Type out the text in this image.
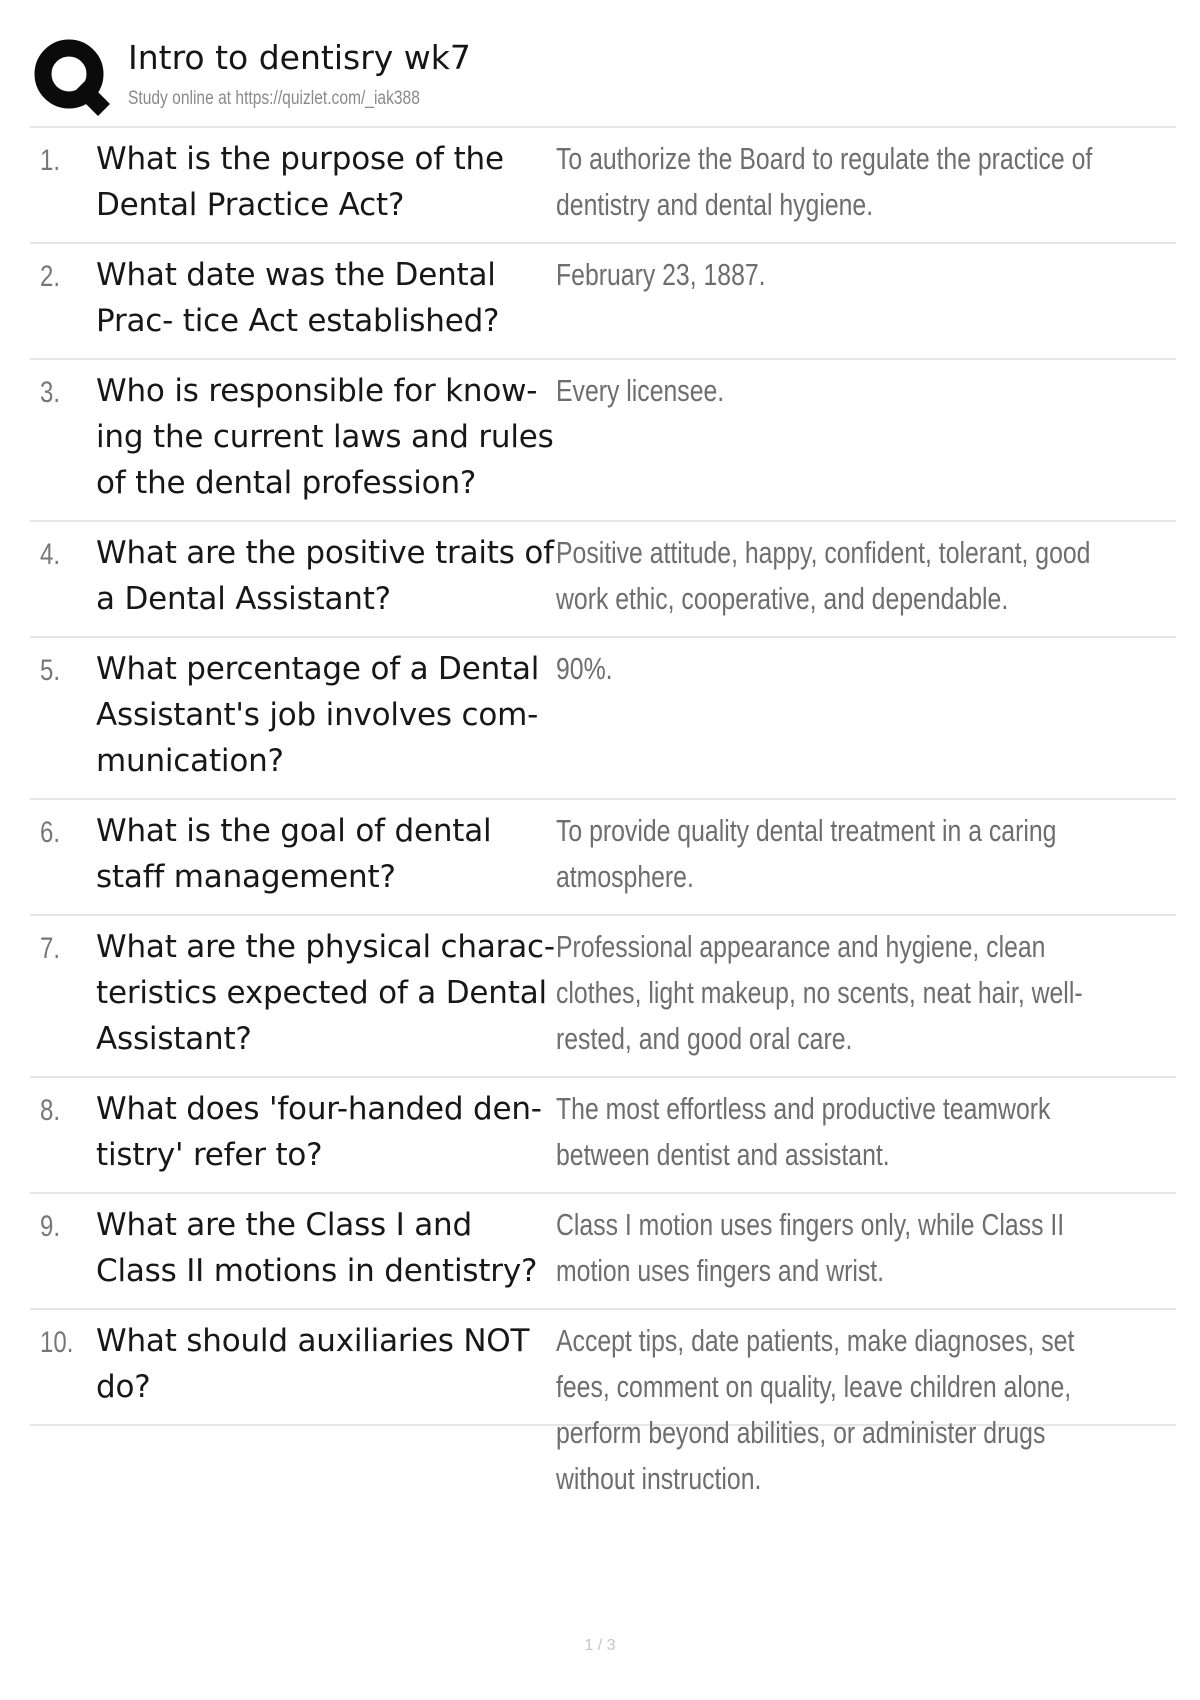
Intro to dentisry wk7
Study online at https://quizlet.com/_iak388
1.	What is the purpose of the Dental Practice Act?
To authorize the Board to regulate the practice of dentistry and dental hygiene.
2.	What date was the Dental Prac- tice Act established?
February 23, 1887.
3.	Who is responsible for know- ing the current laws and rules of the dental profession?
Every licensee.
4.	What are the positive traits of a Dental Assistant?
Positive attitude, happy, confident, tolerant, good work ethic, cooperative, and dependable.
5.	What percentage of a Dental Assistant's job involves com- munication?
90%.
6.	What is the goal of dental staff management?
To provide quality dental treatment in a caring atmosphere.
7.	What are the physical charac- teristics expected of a Dental Assistant?
Professional appearance and hygiene, clean clothes, light makeup, no scents, neat hair, well-rested, and good oral care.
8.	What does 'four-handed den- tistry' refer to?
The most effortless and productive teamwork between dentist and assistant.
9.	What are the Class I and Class II motions in dentistry?
Class I motion uses fingers only, while Class II motion uses fingers and wrist.
10. What should auxiliaries NOT do?
Accept tips, date patients, make diagnoses, set fees, comment on quality, leave children alone, perform beyond abilities, or administer drugs without instruction.
1 / 3
